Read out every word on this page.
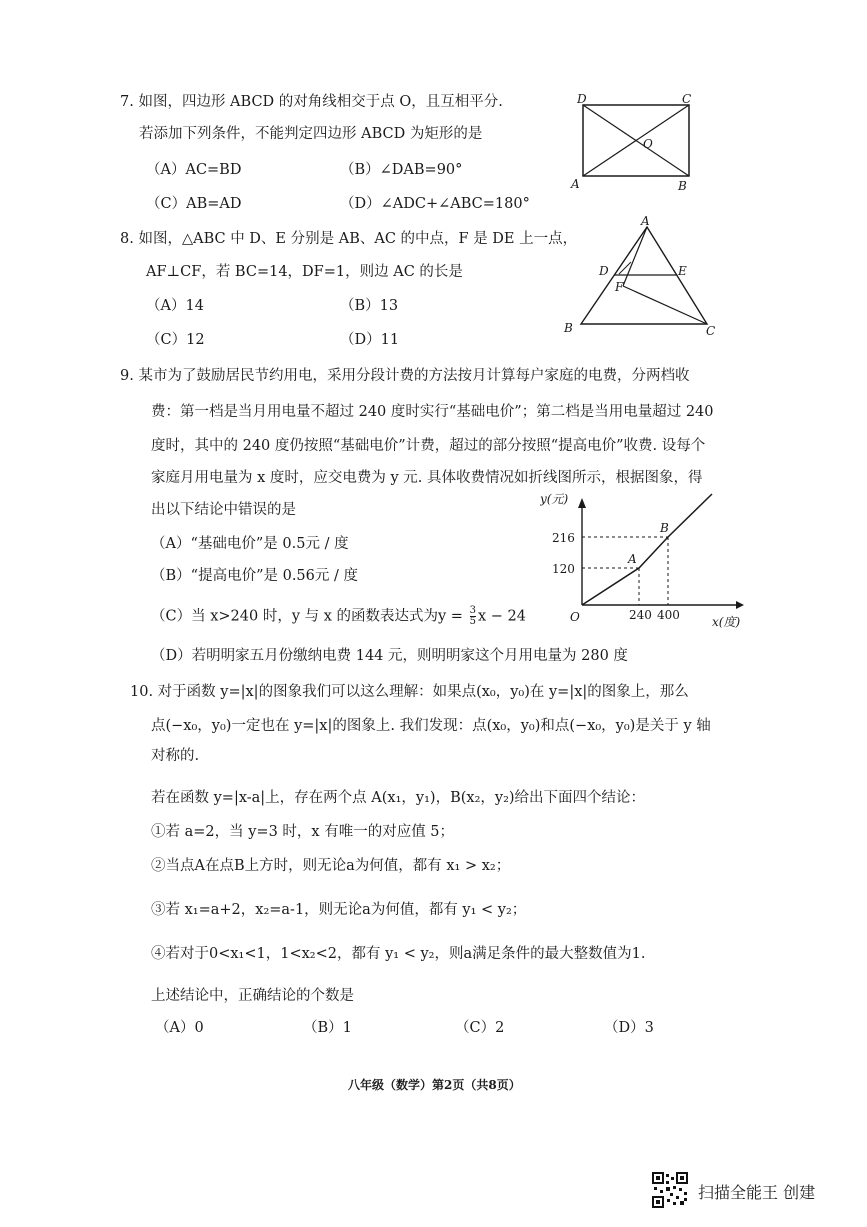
7. 如图，四边形 ABCD 的对角线相交于点 O，且互相平分.
若添加下列条件，不能判定四边形 ABCD 为矩形的是
（A）AC=BD	（B）∠DAB=90°
（C）AB=AD	（D）∠ADC+∠ABC=180°
D	C
O
A	B
8. 如图，△ABC 中 D、E 分别是 AB、AC 的中点，F 是 DE 上一点，
AF⊥CF，若 BC=14，DF=1，则边 AC 的长是
（A）14	（B）13
（C）12	（D）11
A
D	E
F
B	C
9. 某市为了鼓励居民节约用电，采用分段计费的方法按月计算每户家庭的电费，分两档收
费：第一档是当月用电量不超过 240 度时实行“基础电价”；第二档是当用电量超过 240
度时，其中的 240 度仍按照“基础电价”计费，超过的部分按照“提高电价”收费. 设每个
家庭月用电量为 x 度时，应交电费为 y 元. 具体收费情况如折线图所示，根据图象，得
出以下结论中错误的是
（A）“基础电价”是 0.5元 / 度
（B）“提高电价”是 0.56元 / 度
（C）当 x>240 时，y 与 x 的函数表达式为$y = \frac{3}{5}$ x − 24
（D）若明明家五月份缴纳电费 144 元，则明明家这个月用电量为 280 度
y(元)
x(度)
O
216
120
240 400
A
B
10. 对于函数 y=|x|的图象我们可以这么理解：如果点(x₀，y₀)在 y=|x|的图象上，那么
点(−x₀，y₀)一定也在 y=|x|的图象上. 我们发现：点(x₀，y₀)和点(−x₀，y₀)是关于 y 轴
对称的.
若在函数 y=|x-a|上，存在两个点 A(x₁，y₁)，B(x₂，y₂)给出下面四个结论：
①若 a=2，当 y=3 时，x 有唯一的对应值 5；
②当点A在点B上方时，则无论a为何值，都有 x₁ > x₂；
③若 x₁=a+2，x₂=a-1，则无论a为何值，都有 y₁ < y₂；
④若对于0<x₁<1，1<x₂<2，都有 y₁ < y₂，则a满足条件的最大整数值为1.
上述结论中，正确结论的个数是
（A）0	（B）1	（C）2	（D）3
八年级（数学）第2页（共8页）
扫描全能王 创建
